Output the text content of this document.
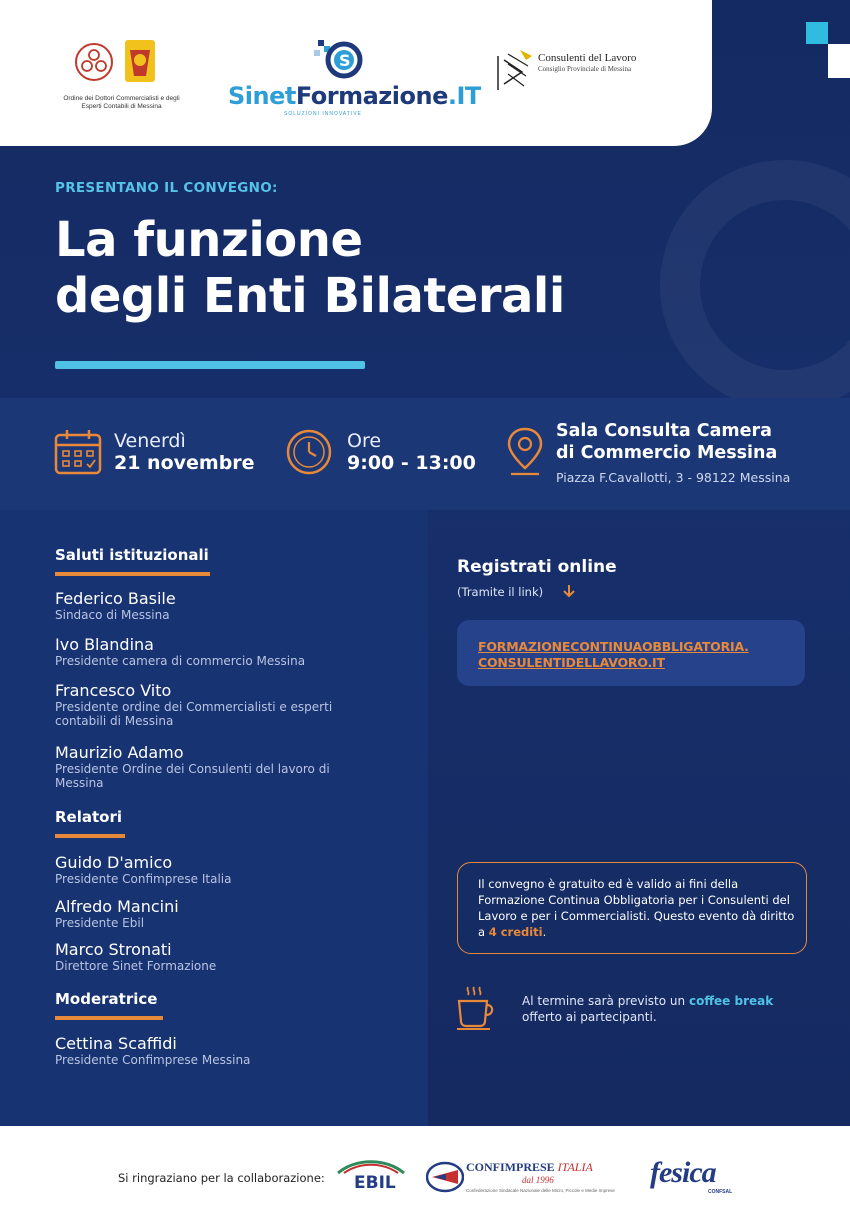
Ordine dei Dottori Commercialisti e degli Esperti Contabili di Messina
S
SinetFormazione.IT
SOLUZIONI INNOVATIVE
Consulenti del Lavoro
Consiglio Provinciale di Messina
PRESENTANO IL CONVEGNO:
La funzione
degli Enti Bilaterali
Venerdì
21 novembre
Ore
9:00 - 13:00
Sala Consulta Camera
di Commercio Messina
Piazza F.Cavallotti, 3 - 98122 Messina
Saluti istituzionali
Federico Basile
Sindaco di Messina
Ivo Blandina
Presidente camera di commercio Messina
Francesco Vito
Presidente ordine dei Commercialisti e esperti contabili di Messina
Maurizio Adamo
Presidente Ordine dei Consulenti del lavoro di Messina
Relatori
Guido D'amico
Presidente Confimprese Italia
Alfredo Mancini
Presidente Ebil
Marco Stronati
Direttore Sinet Formazione
Moderatrice
Cettina Scaffidi
Presidente Confimprese Messina
Registrati online
(Tramite il link)
FORMAZIONECONTINUAOBBLIGATORIA.
CONSULENTIDELLAVORO.IT
Il convegno è gratuito ed è valido ai fini della Formazione Continua Obbligatoria per i Consulenti del Lavoro e per i Commercialisti. Questo evento dà diritto a 4 crediti.
Al termine sarà previsto un coffee break
offerto ai partecipanti.
Si ringraziano per la collaborazione: EBIL
CONFIMPRESE ITALIA
dal 1996
Confederazione Sindacale Nazionale delle Micro, Piccole e Medie Imprese
fesica
CONFSAL
